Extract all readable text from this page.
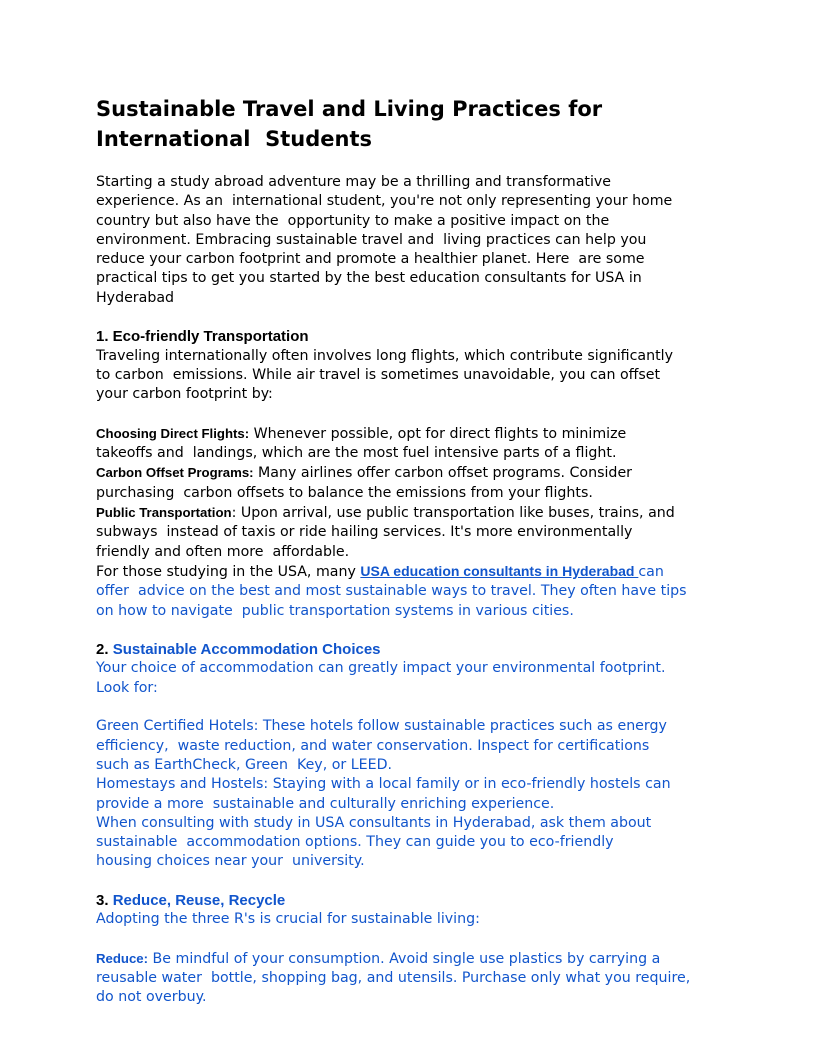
Sustainable Travel and Living Practices for
International  Students

Starting a study abroad adventure may be a thrilling and transformative
experience. As an  international student, you're not only representing your home
country but also have the  opportunity to make a positive impact on the
environment. Embracing sustainable travel and  living practices can help you
reduce your carbon footprint and promote a healthier planet. Here  are some
practical tips to get you started by the best education consultants for USA in
Hyderabad

1. Eco-friendly Transportation

Traveling internationally often involves long flights, which contribute significantly
to carbon  emissions. While air travel is sometimes unavoidable, you can offset
your carbon footprint by:

Choosing Direct Flights: Whenever possible, opt for direct flights to minimize
takeoffs and  landings, which are the most fuel intensive parts of a flight.

Carbon Offset Programs: Many airlines offer carbon offset programs. Consider
purchasing  carbon offsets to balance the emissions from your flights.

Public Transportation: Upon arrival, use public transportation like buses, trains, and
subways  instead of taxis or ride hailing services. It's more environmentally
friendly and often more  affordable.

For those studying in the USA, many USA education consultants in Hyderabad can
offer  advice on the best and most sustainable ways to travel. They often have tips
on how to navigate  public transportation systems in various cities.

2. Sustainable Accommodation Choices

Your choice of accommodation can greatly impact your environmental footprint.
Look for:

Green Certified Hotels: These hotels follow sustainable practices such as energy
efficiency,  waste reduction, and water conservation. Inspect for certifications
such as EarthCheck, Green  Key, or LEED.

Homestays and Hostels: Staying with a local family or in eco-friendly hostels can
provide a more  sustainable and culturally enriching experience.

When consulting with study in USA consultants in Hyderabad, ask them about
sustainable  accommodation options. They can guide you to eco-friendly
housing choices near your  university.

3. Reduce, Reuse, Recycle

Adopting the three R's is crucial for sustainable living:

Reduce: Be mindful of your consumption. Avoid single use plastics by carrying a
reusable water  bottle, shopping bag, and utensils. Purchase only what you require,
do not overbuy.
